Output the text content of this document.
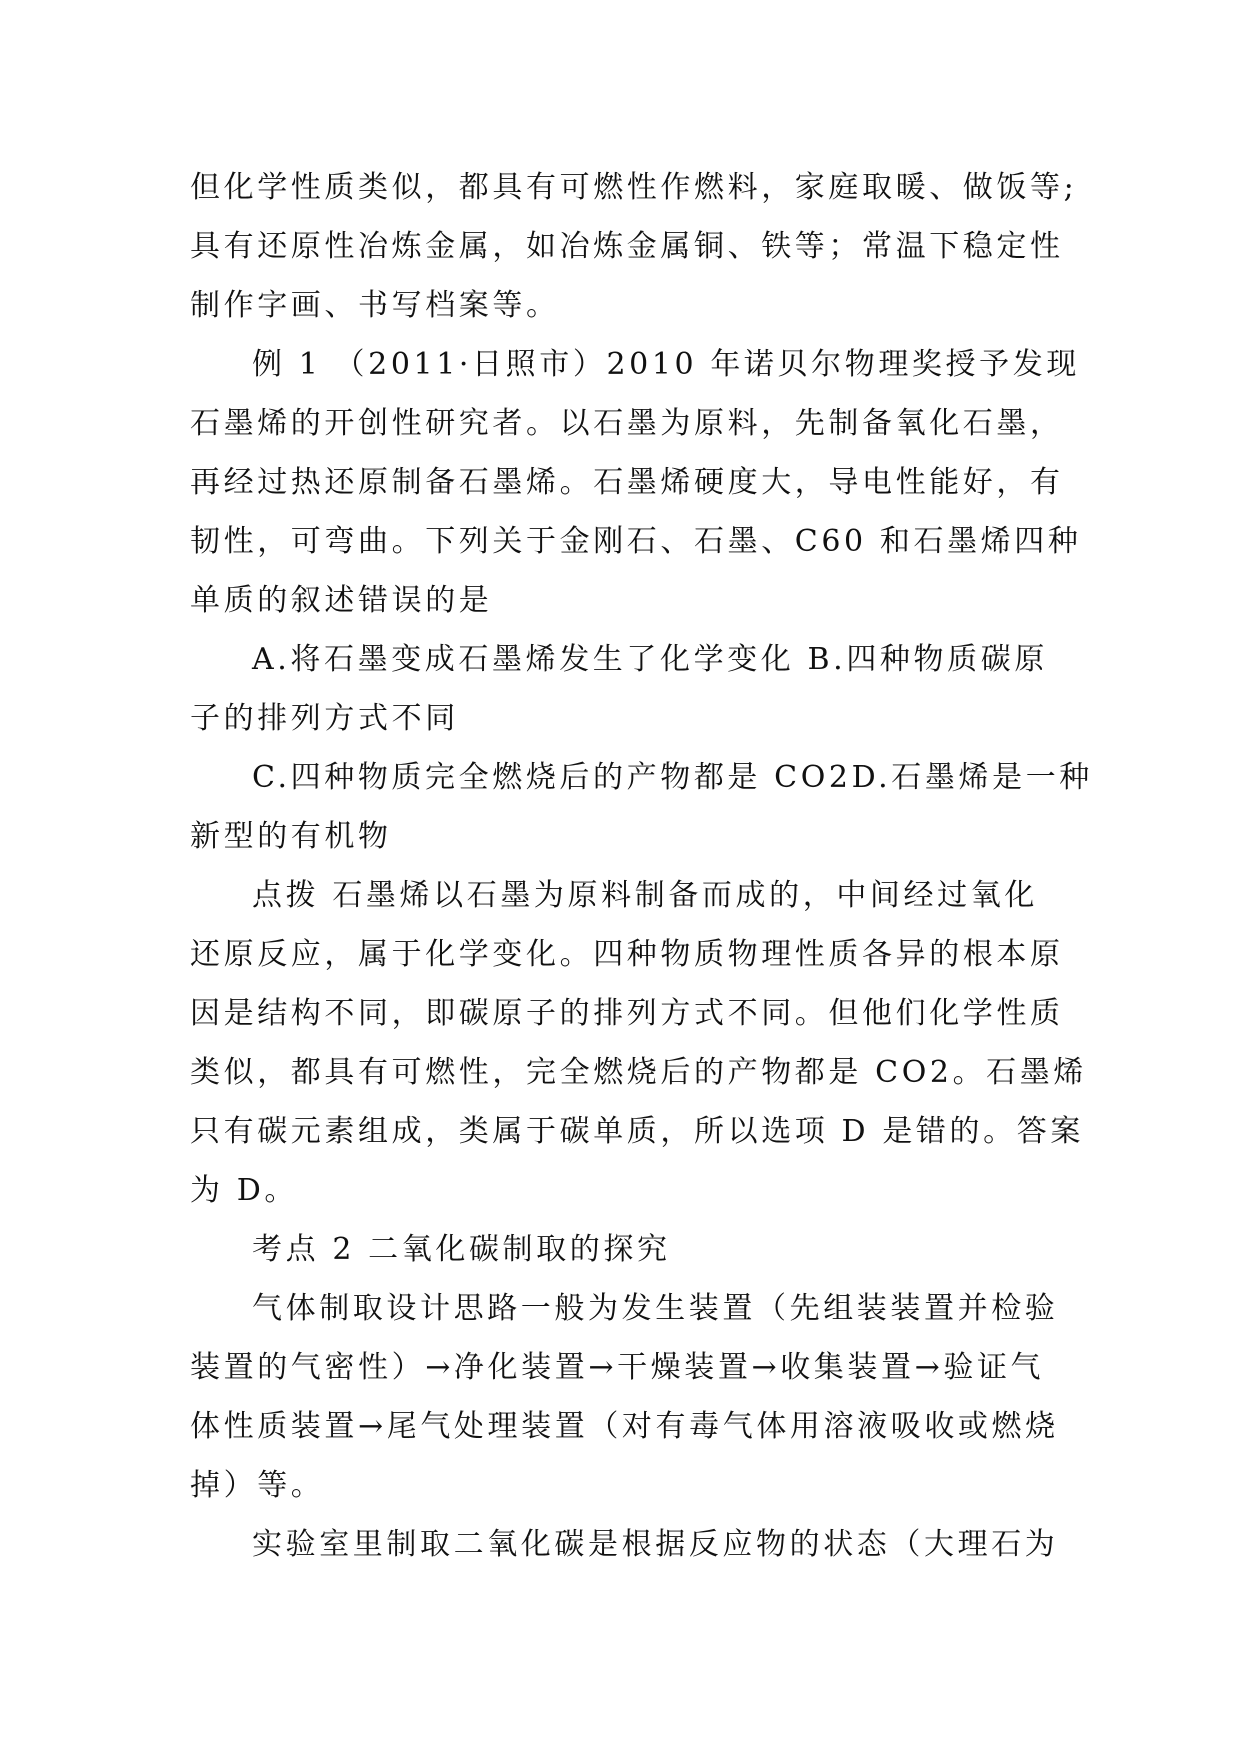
但化学性质类似，都具有可燃性作燃料，家庭取暖、做饭等;
具有还原性冶炼金属，如冶炼金属铜、铁等；常温下稳定性
制作字画、书写档案等。
例 1 （2011·日照市）2010 年诺贝尔物理奖授予发现
石墨烯的开创性研究者。以石墨为原料，先制备氧化石墨，
再经过热还原制备石墨烯。石墨烯硬度大，导电性能好，有
韧性，可弯曲。下列关于金刚石、石墨、C60 和石墨烯四种
单质的叙述错误的是
A.将石墨变成石墨烯发生了化学变化 B.四种物质碳原
子的排列方式不同
C.四种物质完全燃烧后的产物都是 CO2D.石墨烯是一种
新型的有机物
点拨 石墨烯以石墨为原料制备而成的，中间经过氧化
还原反应，属于化学变化。四种物质物理性质各异的根本原
因是结构不同，即碳原子的排列方式不同。但他们化学性质
类似，都具有可燃性，完全燃烧后的产物都是 CO2。石墨烯
只有碳元素组成，类属于碳单质，所以选项 D 是错的。答案
为 D。
考点 2 二氧化碳制取的探究
气体制取设计思路一般为发生装置（先组装装置并检验
装置的气密性）→净化装置→干燥装置→收集装置→验证气
体性质装置→尾气处理装置（对有毒气体用溶液吸收或燃烧
掉）等。
实验室里制取二氧化碳是根据反应物的状态（大理石为
